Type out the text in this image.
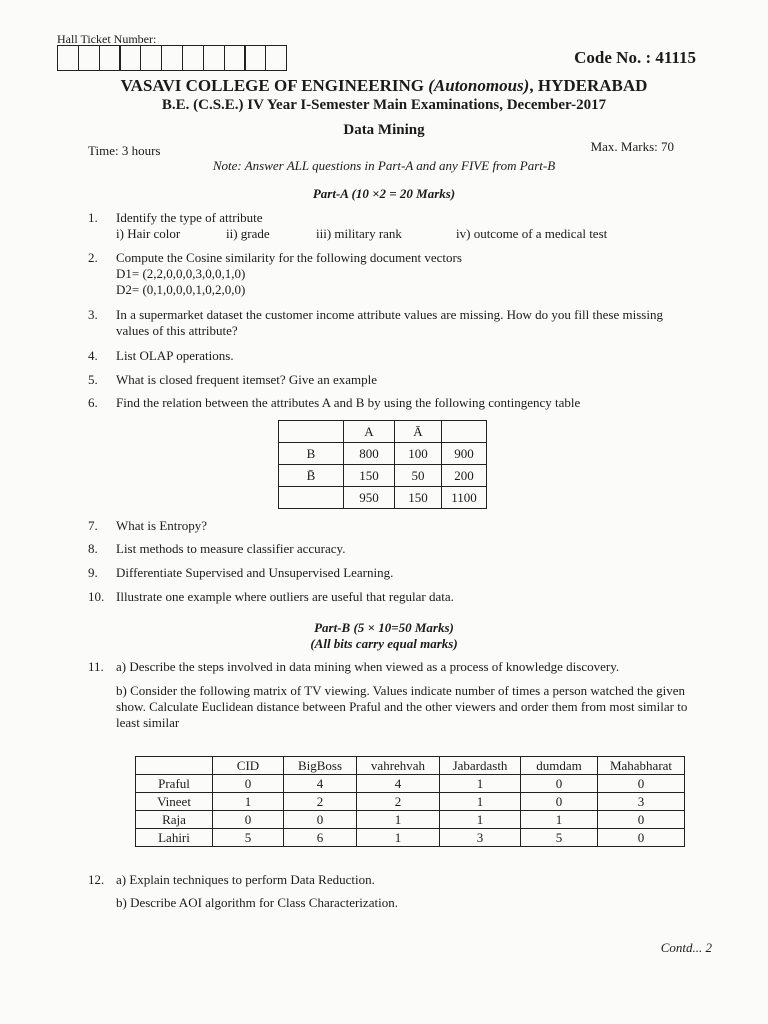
Hall Ticket Number:
Code No. : 41115
VASAVI COLLEGE OF ENGINEERING (Autonomous), HYDERABAD
B.E. (C.S.E.) IV Year I-Semester Main Examinations, December-2017
Data Mining
Time: 3 hours	Max. Marks: 70
Note: Answer ALL questions in Part-A and any FIVE from Part-B
Part-A (10 ×2 = 20 Marks)
1. Identify the type of attribute
i) Hair color	ii) grade	iii) military rank	iv) outcome of a medical test
2. Compute the Cosine similarity for the following document vectors
D1= (2,2,0,0,0,3,0,0,1,0)
D2= (0,1,0,0,0,1,0,2,0,0)
3. In a supermarket dataset the customer income attribute values are missing. How do you fill these missing values of this attribute?
4. List OLAP operations.
5. What is closed frequent itemset? Give an example
6. Find the relation between the attributes A and B by using the following contingency table
	A	Ā	
B	800	100	900
B̄	150	50	200
	950	150	1100
7. What is Entropy?
8. List methods to measure classifier accuracy.
9. Differentiate Supervised and Unsupervised Learning.
10. Illustrate one example where outliers are useful that regular data.
Part-B (5 × 10=50 Marks)
(All bits carry equal marks)
11. a) Describe the steps involved in data mining when viewed as a process of knowledge discovery.
b) Consider the following matrix of TV viewing. Values indicate number of times a person watched the given show. Calculate Euclidean distance between Praful and the other viewers and order them from most similar to least similar
	CID	BigBoss	vahrehvah	Jabardasth	dumdam	Mahabharat
Praful	0	4	4	1	0	0
Vineet	1	2	2	1	0	3
Raja	0	0	1	1	1	0
Lahiri	5	6	1	3	5	0
12. a) Explain techniques to perform Data Reduction.
b) Describe AOI algorithm for Class Characterization.
Contd... 2
